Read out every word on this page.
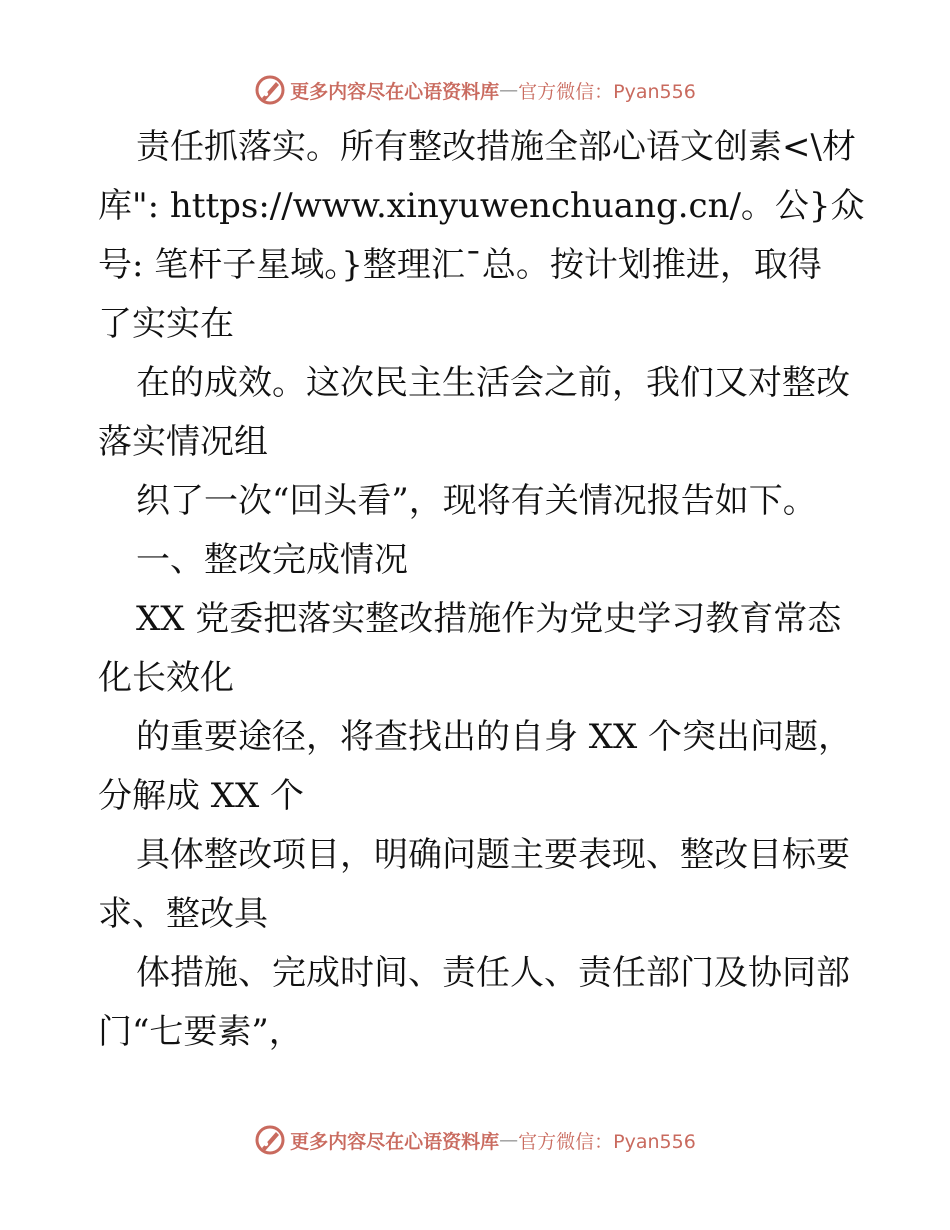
更多内容尽在心语资料库 — 官方微信：Pyan556
责任抓落实。所有整改措施全部心语文创素<\材
库": https://www.xinyuwenchuang.cn/。公}众
号: 笔杆子星域。}整理汇¯总。按计划推进，取得
了实实在
在的成效。这次民主生活会之前，我们又对整改
落实情况组
织了一次“回头看”，现将有关情况报告如下。
一、整改完成情况
XX 党委把落实整改措施作为党史学习教育常态
化长效化
的重要途径，将查找出的自身 XX 个突出问题，
分解成 XX 个
具体整改项目，明确问题主要表现、整改目标要
求、整改具
体措施、完成时间、责任人、责任部门及协同部
门“七要素”，
更多内容尽在心语资料库 — 官方微信：Pyan556
